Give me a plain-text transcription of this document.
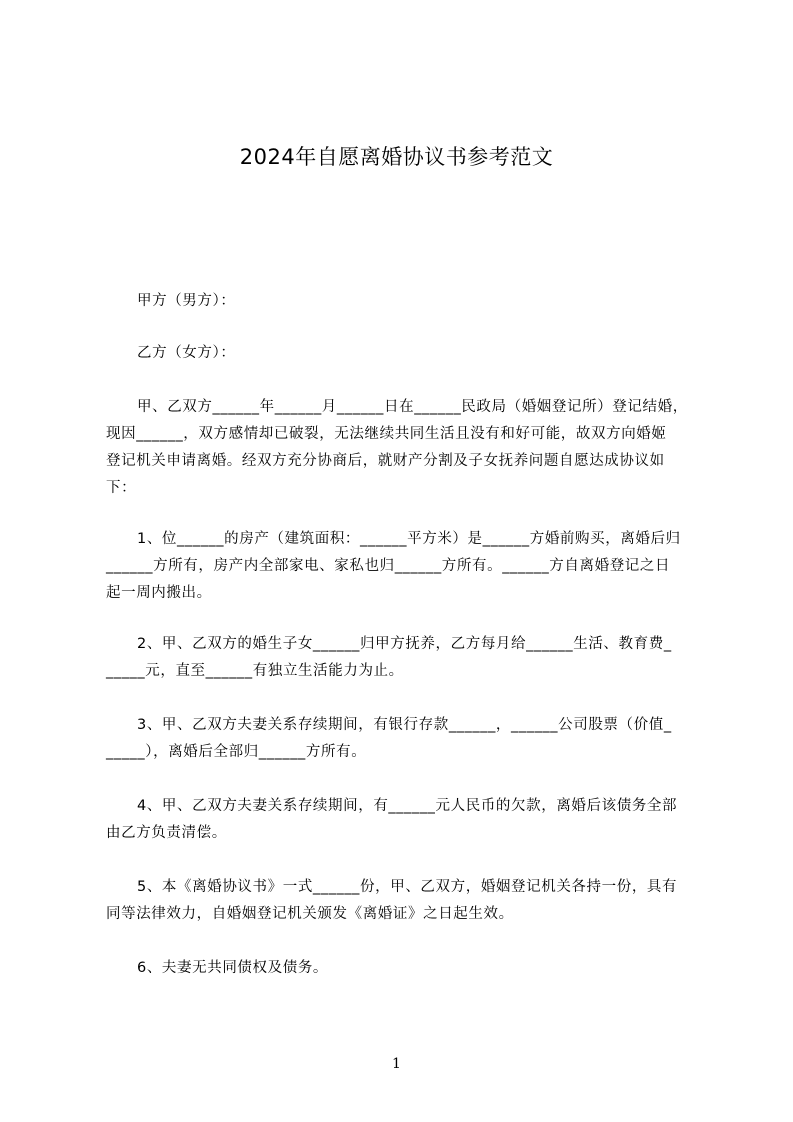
2024年自愿离婚协议书参考范文
甲方（男方）：
乙方（女方）：
甲、乙双方______年______月______日在______民政局（婚姻登记所）登记结婚，
现因______，双方感情却已破裂，无法继续共同生活且没有和好可能，故双方向婚姬
登记机关申请离婚。经双方充分协商后，就财产分割及子女抚养问题自愿达成协议如
下：
1、位______的房产（建筑面积：______平方米）是______方婚前购买，离婚后归
______方所有，房产内全部家电、家私也归______方所有。______方自离婚登记之日
起一周内搬出。
2、甲、乙双方的婚生子女______归甲方抚养，乙方每月给______生活、教育费_
_____元，直至______有独立生活能力为止。
3、甲、乙双方夫妻关系存续期间，有银行存款______，______公司股票（价值_
_____），离婚后全部归______方所有。
4、甲、乙双方夫妻关系存续期间，有______元人民币的欠款，离婚后该债务全部
由乙方负责清偿。
5、本《离婚协议书》一式______份，甲、乙双方，婚姻登记机关各持一份，具有
同等法律效力，自婚姻登记机关颁发《离婚证》之日起生效。
6、夫妻无共同债权及债务。
1
